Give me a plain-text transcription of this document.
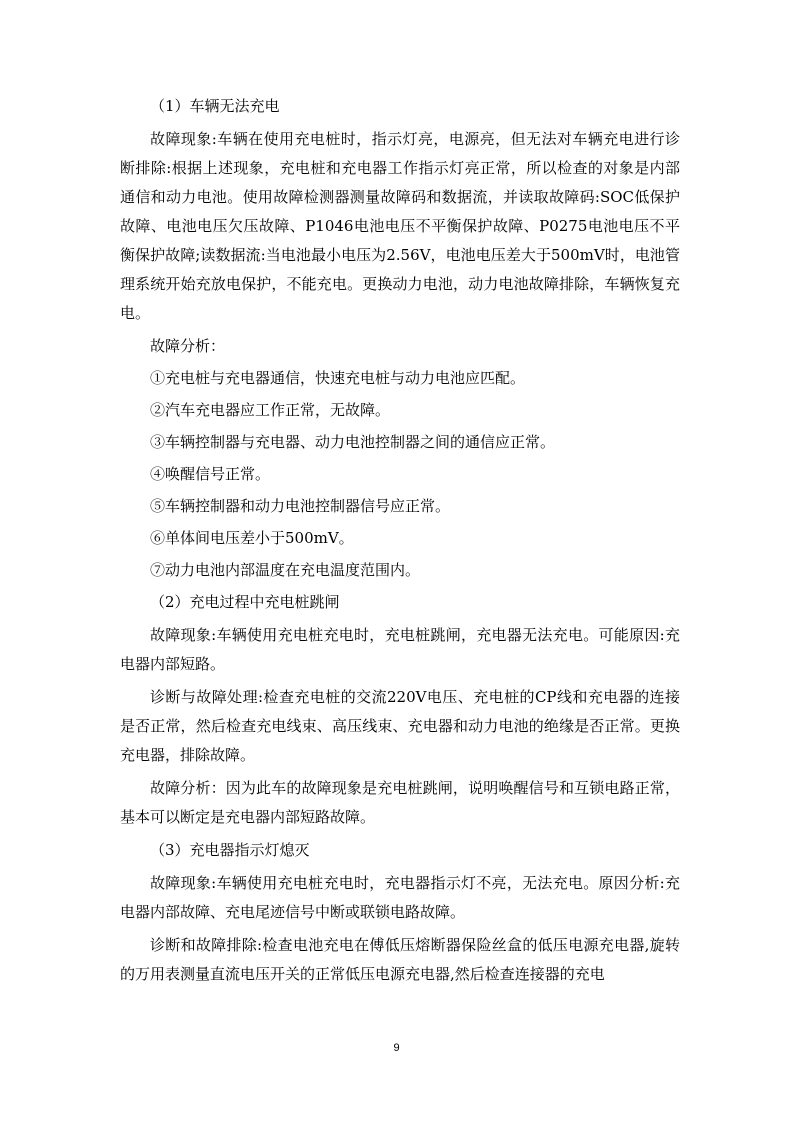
（1）车辆无法充电

故障现象:车辆在使用充电桩时，指示灯亮，电源亮，但无法对车辆充电进行诊断排除:根据上述现象，充电桩和充电器工作指示灯亮正常，所以检查的对象是内部通信和动力电池。使用故障检测器测量故障码和数据流，并读取故障码:SOC低保护故障、电池电压欠压故障、P1046电池电压不平衡保护故障、P0275电池电压不平衡保护故障;读数据流:当电池最小电压为2.56V，电池电压差大于500mV时，电池管理系统开始充放电保护，不能充电。更换动力电池，动力电池故障排除，车辆恢复充电。

故障分析：

①充电桩与充电器通信，快速充电桩与动力电池应匹配。

②汽车充电器应工作正常，无故障。

③车辆控制器与充电器、动力电池控制器之间的通信应正常。

④唤醒信号正常。

⑤车辆控制器和动力电池控制器信号应正常。

⑥单体间电压差小于500mV。

⑦动力电池内部温度在充电温度范围内。

（2）充电过程中充电桩跳闸

故障现象:车辆使用充电桩充电时，充电桩跳闸，充电器无法充电。可能原因:充电器内部短路。

诊断与故障处理:检查充电桩的交流220V电压、充电桩的CP线和充电器的连接是否正常，然后检查充电线束、高压线束、充电器和动力电池的绝缘是否正常。更换充电器，排除故障。

故障分析：因为此车的故障现象是充电桩跳闸，说明唤醒信号和互锁电路正常，基本可以断定是充电器内部短路故障。

（3）充电器指示灯熄灭

故障现象:车辆使用充电桩充电时，充电器指示灯不亮，无法充电。原因分析:充电器内部故障、充电尾迹信号中断或联锁电路故障。

诊断和故障排除:检查电池充电在傅低压熔断器保险丝盒的低压电源充电器,旋转的万用表测量直流电压开关的正常低压电源充电器,然后检查连接器的充电

9
